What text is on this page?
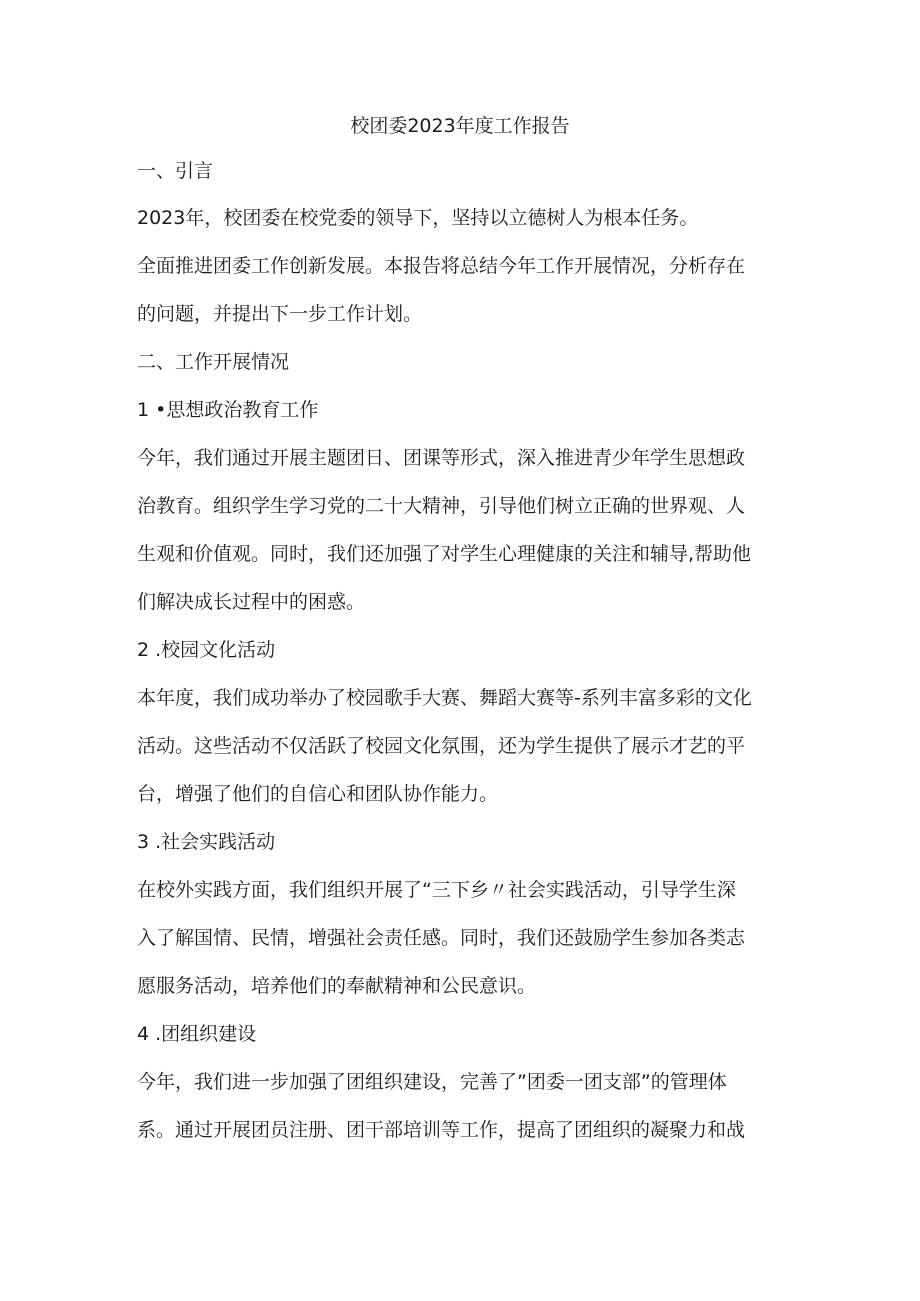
校团委2023年度工作报告
一、引言
2023年，校团委在校党委的领导下，坚持以立德树人为根本任务。
全面推进团委工作创新发展。本报告将总结今年工作开展情况，分析存在
的问题，并提出下一步工作计划。
二、工作开展情况
1 •思想政治教育工作
今年，我们通过开展主题团日、团课等形式，深入推进青少年学生思想政
治教育。组织学生学习党的二十大精神，引导他们树立正确的世界观、人
生观和价值观。同时，我们还加强了对学生心理健康的关注和辅导,帮助他
们解决成长过程中的困惑。
2 .校园文化活动
本年度，我们成功举办了校园歌手大赛、舞蹈大赛等-系列丰富多彩的文化
活动。这些活动不仅活跃了校园文化氛围，还为学生提供了展示才艺的平
台，增强了他们的自信心和团队协作能力。
3 .社会实践活动
在校外实践方面，我们组织开展了“三下乡〃社会实践活动，引导学生深
入了解国情、民情，增强社会责任感。同时，我们还鼓励学生参加各类志
愿服务活动，培养他们的奉献精神和公民意识。
4 .团组织建设
今年，我们进一步加强了团组织建设，完善了”团委一团支部”的管理体
系。通过开展团员注册、团干部培训等工作，提高了团组织的凝聚力和战
